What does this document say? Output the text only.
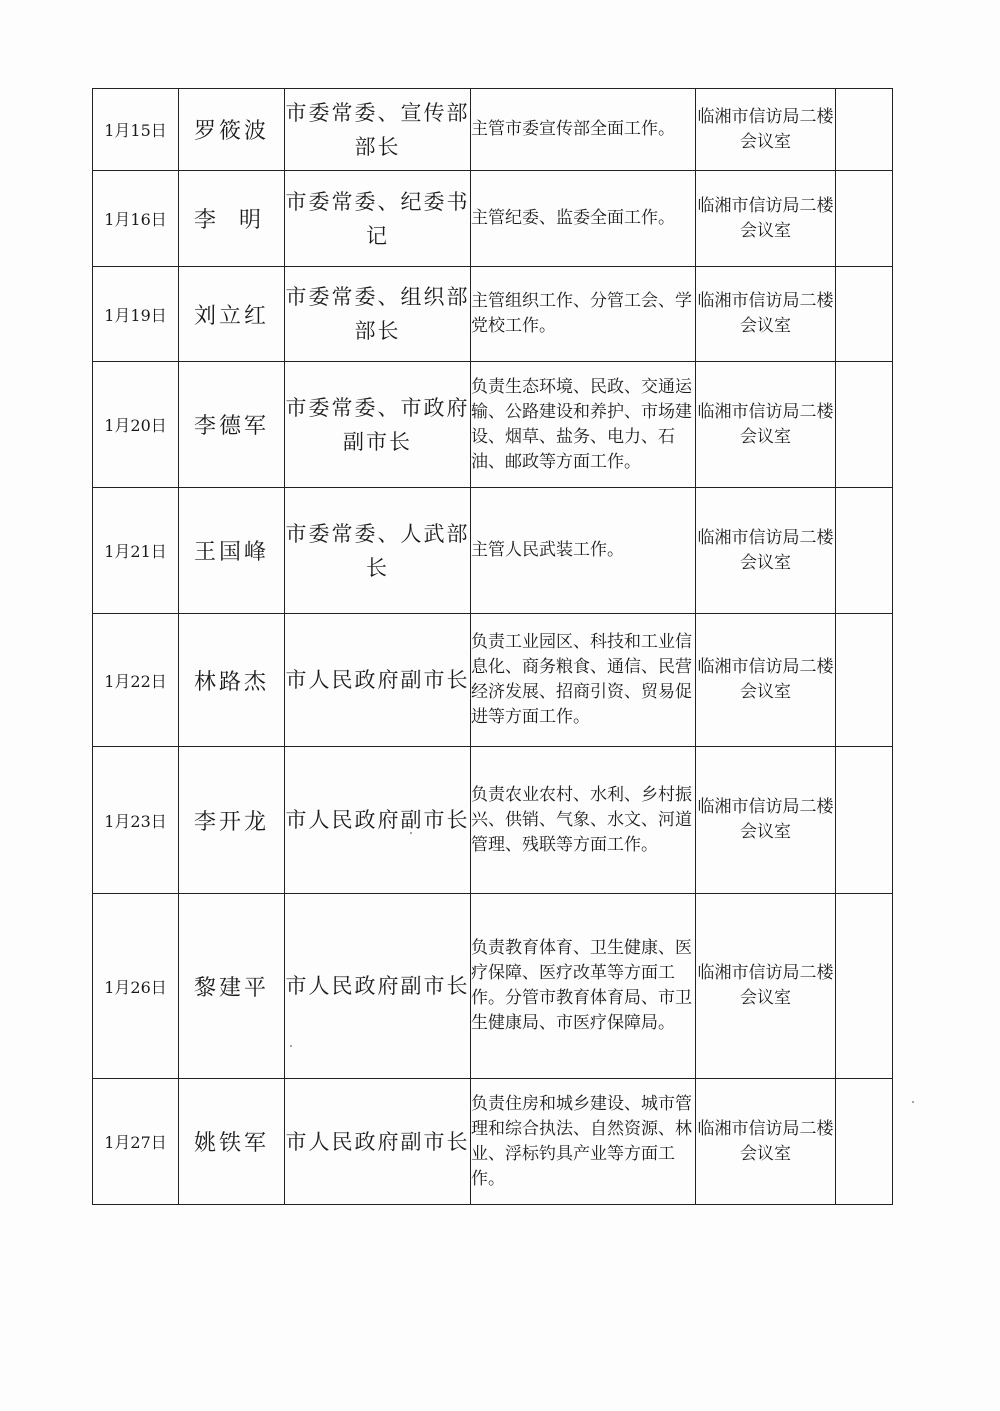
1月15日	罗筱波	市委常委、宣传部部长	主管市委宣传部全面工作。	临湘市信访局二楼会议室	
1月16日	李 明	市委常委、纪委书记	主管纪委、监委全面工作。	临湘市信访局二楼会议室	
1月19日	刘立红	市委常委、组织部部长	主管组织工作、分管工会、学党校工作。	临湘市信访局二楼会议室	
1月20日	李德军	市委常委、市政府副市长	负责生态环境、民政、交通运输、公路建设和养护、市场建设、烟草、盐务、电力、石油、邮政等方面工作。	临湘市信访局二楼会议室	
1月21日	王国峰	市委常委、人武部长	主管人民武装工作。	临湘市信访局二楼会议室	
1月22日	林路杰	市人民政府副市长	负责工业园区、科技和工业信息化、商务粮食、通信、民营经济发展、招商引资、贸易促进等方面工作。	临湘市信访局二楼会议室	
1月23日	李开龙	市人民政府副市长	负责农业农村、水利、乡村振兴、供销、气象、水文、河道管理、残联等方面工作。	临湘市信访局二楼会议室	
1月26日	黎建平	市人民政府副市长	负责教育体育、卫生健康、医疗保障、医疗改革等方面工作。分管市教育体育局、市卫生健康局、市医疗保障局。	临湘市信访局二楼会议室	
1月27日	姚铁军	市人民政府副市长	负责住房和城乡建设、城市管理和综合执法、自然资源、林业、浮标钓具产业等方面工作。	临湘市信访局二楼会议室	
